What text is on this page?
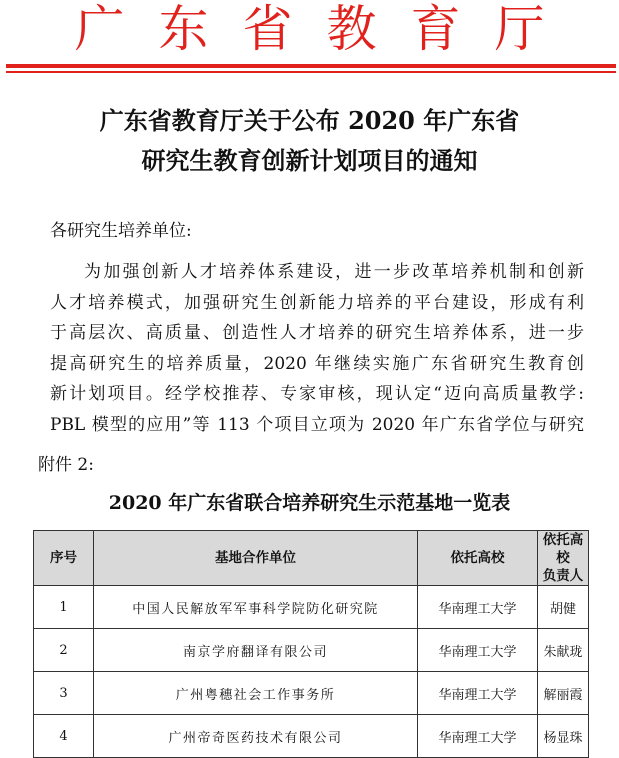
广东省教育厅
广东省教育厅关于公布 2020 年广东省
研究生教育创新计划项目的通知
各研究生培养单位:
为加强创新人才培养体系建设，进一步改革培养机制和创新
人才培养模式，加强研究生创新能力培养的平台建设，形成有利
于高层次、高质量、创造性人才培养的研究生培养体系，进一步
提高研究生的培养质量，2020 年继续实施广东省研究生教育创
新计划项目。经学校推荐、专家审核，现认定“迈向高质量教学:
PBL 模型的应用”等 113 个项目立项为 2020 年广东省学位与研究
附件 2:
2020 年广东省联合培养研究生示范基地一览表
序号	基地合作单位	依托高校	依托高校
负责人

1	中国人民解放军军事科学院防化研究院	华南理工大学	胡健
2	南京学府翻译有限公司	华南理工大学	朱献珑
3	广州粤穗社会工作事务所	华南理工大学	解丽霞
4	广州帝奇医药技术有限公司	华南理工大学	杨显珠
